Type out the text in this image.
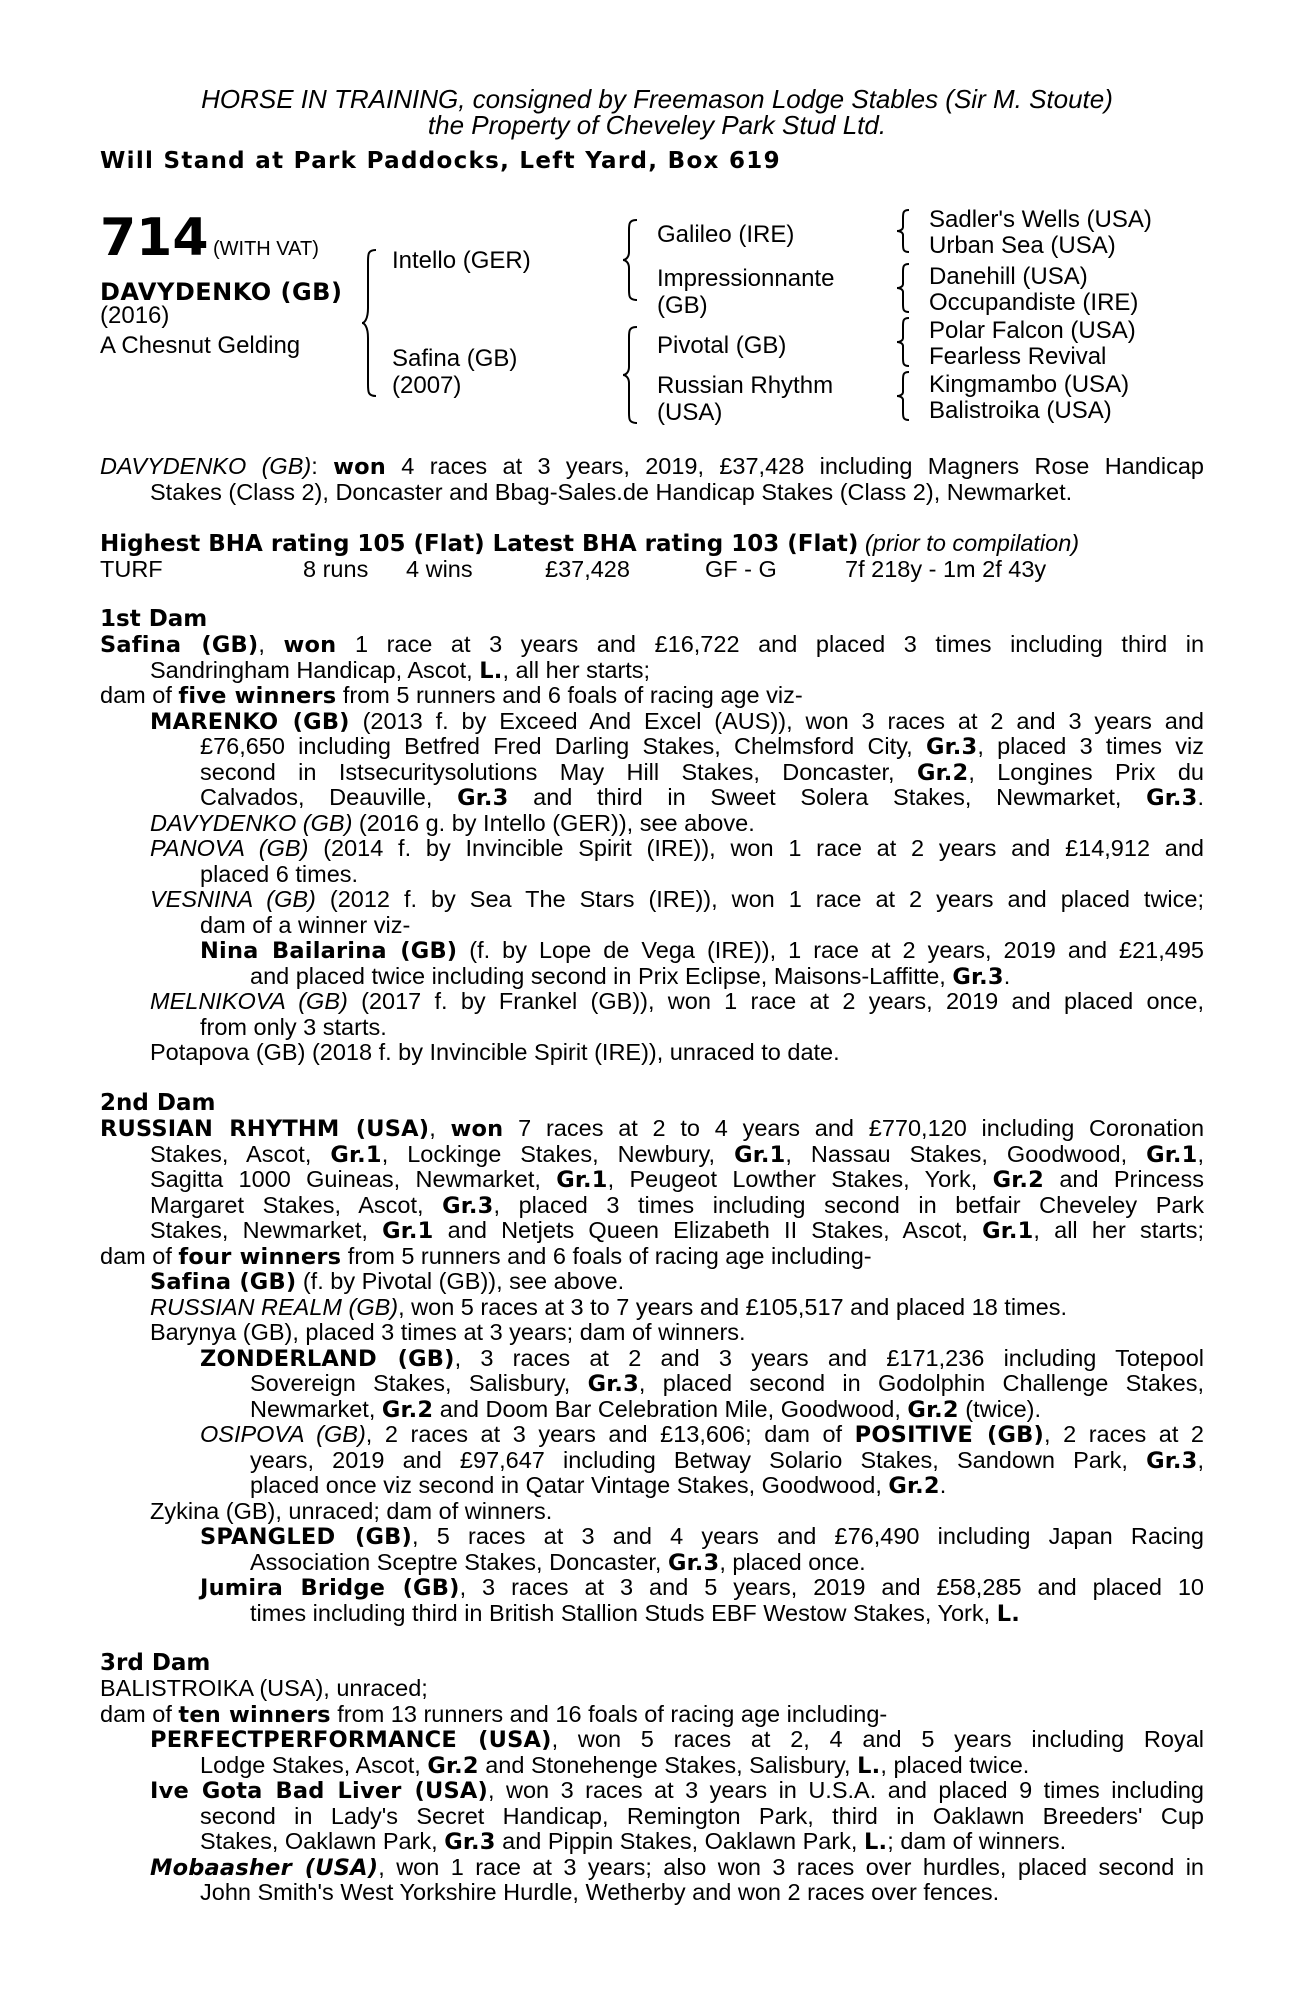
HORSE IN TRAINING, consigned by Freemason Lodge Stables (Sir M. Stoute)
the Property of Cheveley Park Stud Ltd.
Will Stand at Park Paddocks, Left Yard, Box 619
714 (WITH VAT)
DAVYDENKO (GB)
(2016)
A Chesnut Gelding
Intello (GER)
Safina (GB)
(2007)
Galileo (IRE)
Impressionnante
(GB)
Pivotal (GB)
Russian Rhythm
(USA)
Sadler's Wells (USA)
Urban Sea (USA)
Danehill (USA)
Occupandiste (IRE)
Polar Falcon (USA)
Fearless Revival
Kingmambo (USA)
Balistroika (USA)
DAVYDENKO (GB): won 4 races at 3 years, 2019, £37,428 including Magners Rose Handicap
Stakes (Class 2), Doncaster and Bbag-Sales.de Handicap Stakes (Class 2), Newmarket.
Highest BHA rating 105 (Flat) Latest BHA rating 103 (Flat) (prior to compilation)
TURF	8 runs 4 wins	£37,428	GF - G	7f 218y - 1m 2f 43y
1st Dam
Safina (GB), won 1 race at 3 years and £16,722 and placed 3 times including third in
Sandringham Handicap, Ascot, L., all her starts;
dam of five winners from 5 runners and 6 foals of racing age viz-
MARENKO (GB) (2013 f. by Exceed And Excel (AUS)), won 3 races at 2 and 3 years and
£76,650 including Betfred Fred Darling Stakes, Chelmsford City, Gr.3, placed 3 times viz
second in Istsecuritysolutions May Hill Stakes, Doncaster, Gr.2, Longines Prix du
Calvados, Deauville, Gr.3 and third in Sweet Solera Stakes, Newmarket, Gr.3.
DAVYDENKO (GB) (2016 g. by Intello (GER)), see above.
PANOVA (GB) (2014 f. by Invincible Spirit (IRE)), won 1 race at 2 years and £14,912 and
placed 6 times.
VESNINA (GB) (2012 f. by Sea The Stars (IRE)), won 1 race at 2 years and placed twice;
dam of a winner viz-
Nina Bailarina (GB) (f. by Lope de Vega (IRE)), 1 race at 2 years, 2019 and £21,495
and placed twice including second in Prix Eclipse, Maisons-Laffitte, Gr.3.
MELNIKOVA (GB) (2017 f. by Frankel (GB)), won 1 race at 2 years, 2019 and placed once,
from only 3 starts.
Potapova (GB) (2018 f. by Invincible Spirit (IRE)), unraced to date.
2nd Dam
RUSSIAN RHYTHM (USA), won 7 races at 2 to 4 years and £770,120 including Coronation
Stakes, Ascot, Gr.1, Lockinge Stakes, Newbury, Gr.1, Nassau Stakes, Goodwood, Gr.1,
Sagitta 1000 Guineas, Newmarket, Gr.1, Peugeot Lowther Stakes, York, Gr.2 and Princess
Margaret Stakes, Ascot, Gr.3, placed 3 times including second in betfair Cheveley Park
Stakes, Newmarket, Gr.1 and Netjets Queen Elizabeth II Stakes, Ascot, Gr.1, all her starts;
dam of four winners from 5 runners and 6 foals of racing age including-
Safina (GB) (f. by Pivotal (GB)), see above.
RUSSIAN REALM (GB), won 5 races at 3 to 7 years and £105,517 and placed 18 times.
Barynya (GB), placed 3 times at 3 years; dam of winners.
ZONDERLAND (GB), 3 races at 2 and 3 years and £171,236 including Totepool
Sovereign Stakes, Salisbury, Gr.3, placed second in Godolphin Challenge Stakes,
Newmarket, Gr.2 and Doom Bar Celebration Mile, Goodwood, Gr.2 (twice).
OSIPOVA (GB), 2 races at 3 years and £13,606; dam of POSITIVE (GB), 2 races at 2
years, 2019 and £97,647 including Betway Solario Stakes, Sandown Park, Gr.3,
placed once viz second in Qatar Vintage Stakes, Goodwood, Gr.2.
Zykina (GB), unraced; dam of winners.
SPANGLED (GB), 5 races at 3 and 4 years and £76,490 including Japan Racing
Association Sceptre Stakes, Doncaster, Gr.3, placed once.
Jumira Bridge (GB), 3 races at 3 and 5 years, 2019 and £58,285 and placed 10
times including third in British Stallion Studs EBF Westow Stakes, York, L.
3rd Dam
BALISTROIKA (USA), unraced;
dam of ten winners from 13 runners and 16 foals of racing age including-
PERFECTPERFORMANCE (USA), won 5 races at 2, 4 and 5 years including Royal
Lodge Stakes, Ascot, Gr.2 and Stonehenge Stakes, Salisbury, L., placed twice.
Ive Gota Bad Liver (USA), won 3 races at 3 years in U.S.A. and placed 9 times including
second in Lady's Secret Handicap, Remington Park, third in Oaklawn Breeders' Cup
Stakes, Oaklawn Park, Gr.3 and Pippin Stakes, Oaklawn Park, L.; dam of winners.
Mobaasher (USA), won 1 race at 3 years; also won 3 races over hurdles, placed second in
John Smith's West Yorkshire Hurdle, Wetherby and won 2 races over fences.
